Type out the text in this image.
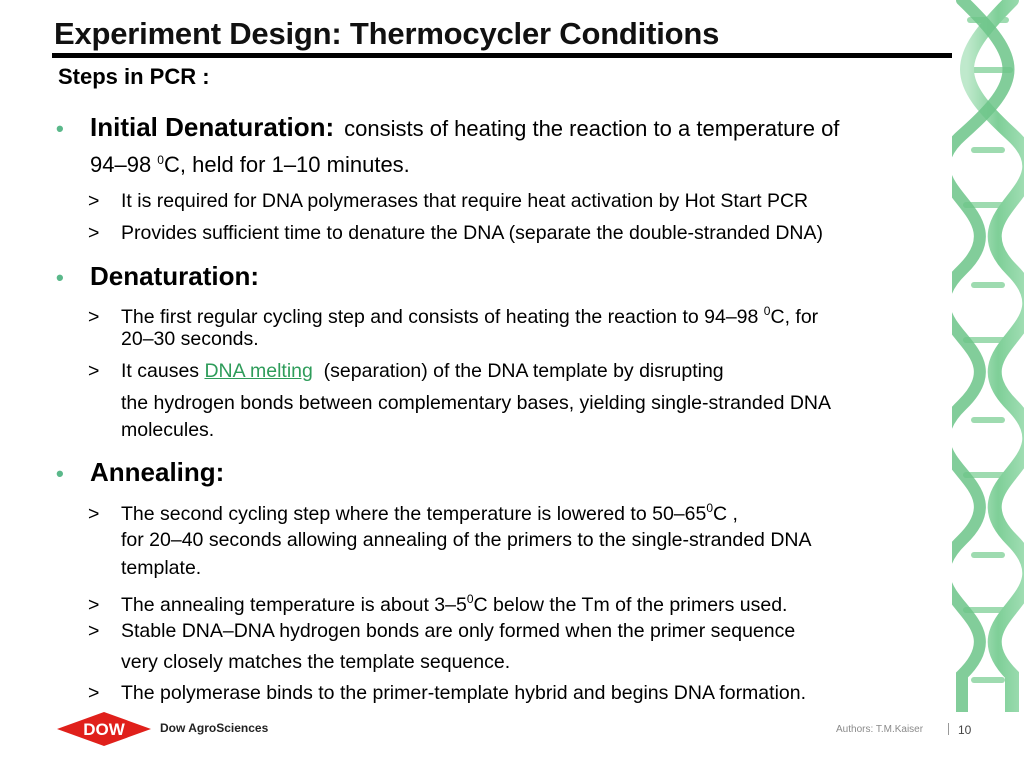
Experiment Design: Thermocycler Conditions
Steps in PCR :
• Initial Denaturation: consists of heating the reaction to a temperature of
94–98 $^0$C, held for 1–10 minutes.
> It is required for DNA polymerases that require heat activation by Hot Start PCR
> Provides sufficient time to denature the DNA (separate the double-stranded DNA)
• Denaturation:
> The first regular cycling step and consists of heating the reaction to 94–98 $^0$C, for
20–30 seconds.
> It causes DNA melting  (separation) of the DNA template by disrupting
the hydrogen bonds between complementary bases, yielding single-stranded DNA
molecules.
• Annealing:
> The second cycling step where the temperature is lowered to $50-65^0C$ ,
for 20–40 seconds allowing annealing of the primers to the single-stranded DNA
template.
> The annealing temperature is about $3-5^0C$ below the Tm of the primers used.
> Stable DNA–DNA hydrogen bonds are only formed when the primer sequence
very closely matches the template sequence.
> The polymerase binds to the primer-template hybrid and begins DNA formation.
DOW	Dow AgroSciences	Authors: T.M.Kaiser	10
